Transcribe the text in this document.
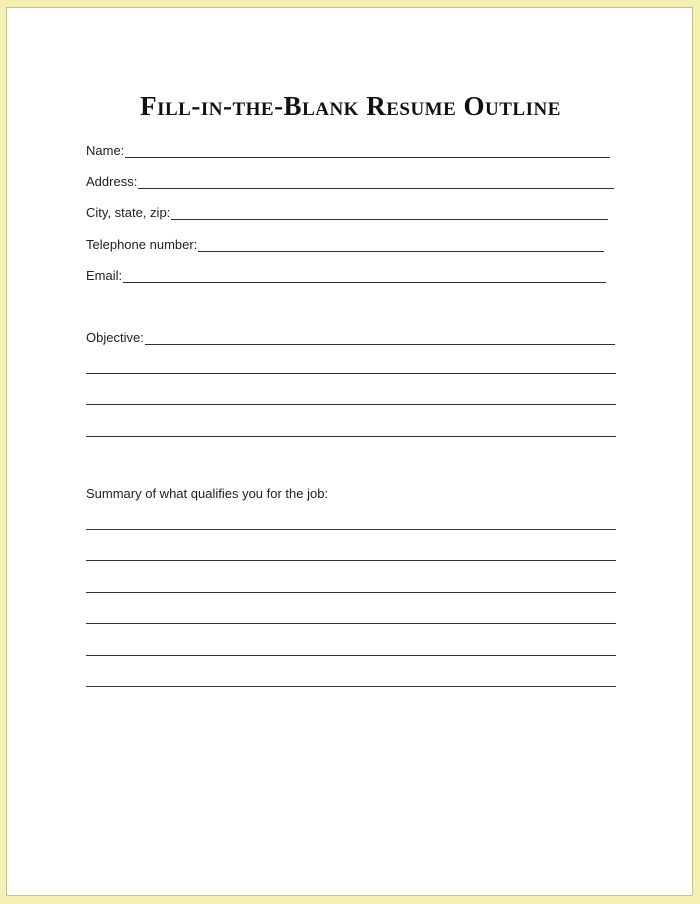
Fill-in-the-Blank Resume Outline
Name:
Address:
City, state, zip:
Telephone number:
Email:
Objective:
Summary of what qualifies you for the job:
